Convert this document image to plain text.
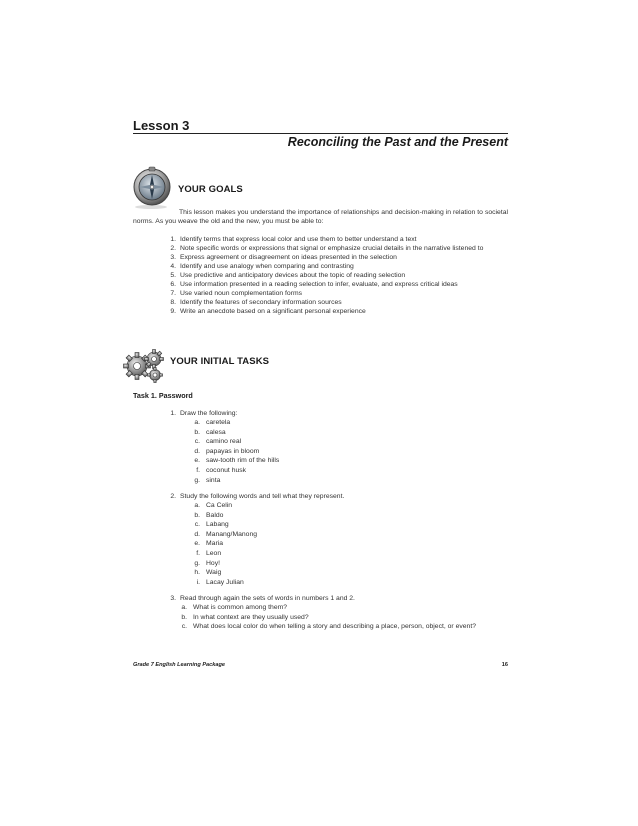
Lesson 3
Reconciling the Past and the Present
YOUR GOALS
This lesson makes you understand the importance of relationships and decision-making in relation to societal norms. As you weave the old and the new, you must be able to:
1. Identify terms that express local color and use them to better understand a text
2. Note specific words or expressions that signal or emphasize crucial details in the narrative listened to
3. Express agreement or disagreement on ideas presented in the selection
4. Identify and use analogy when comparing and contrasting
5. Use predictive and anticipatory devices about the topic of reading selection
6. Use information presented in a reading selection to infer, evaluate, and express critical ideas
7. Use varied noun complementation forms
8. Identify the features of secondary information sources
9. Write an anecdote based on a significant personal experience
YOUR INITIAL TASKS
Task 1. Password
1. Draw the following:
a. caretela
b. calesa
c. camino real
d. papayas in bloom
e. saw-tooth rim of the hills
f. coconut husk
g. sinta
2. Study the following words and tell what they represent.
a. Ca Celin
b. Baldo
c. Labang
d. Manang/Manong
e. Maria
f. Leon
g. Hoy!
h. Waig
i. Lacay Julian
3. Read through again the sets of words in numbers 1 and 2.
a. What is common among them?
b. In what context are they usually used?
c. What does local color do when telling a story and describing a place, person, object, or event?
Grade 7 English Learning Package	16
